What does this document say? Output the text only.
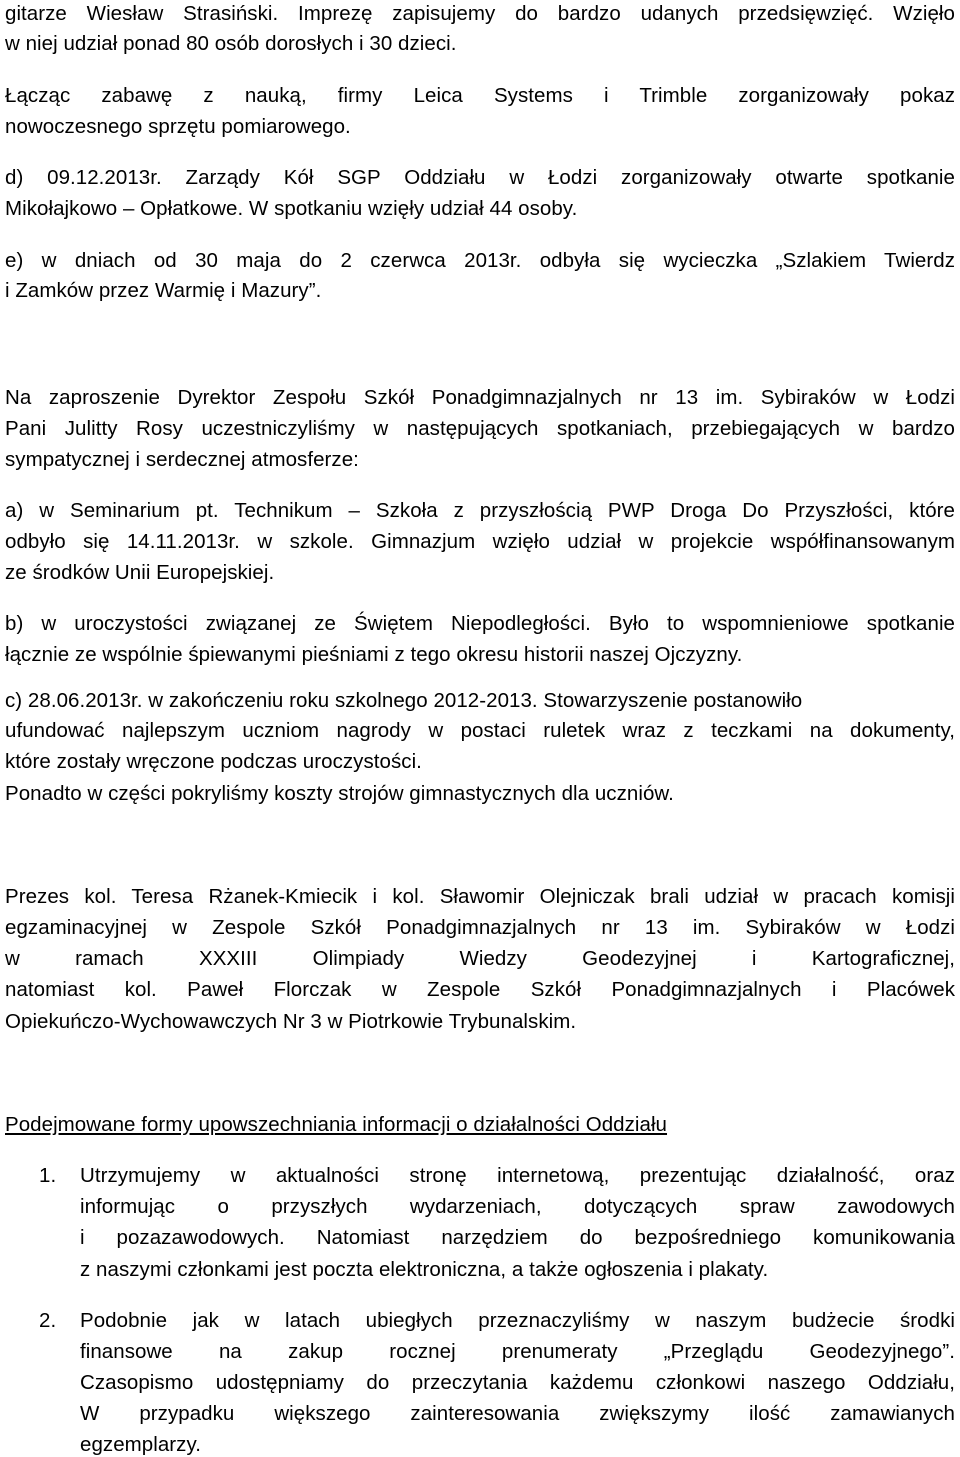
gitarze Wiesław Strasiński. Imprezę zapisujemy do bardzo udanych przedsięwzięć. Wzięło
w niej udział ponad 80 osób dorosłych i 30 dzieci.
Łącząc zabawę z nauką, firmy Leica Systems i Trimble zorganizowały pokaz
nowoczesnego sprzętu pomiarowego.
d) 09.12.2013r. Zarządy Kół SGP Oddziału w Łodzi zorganizowały otwarte spotkanie
Mikołajkowo – Opłatkowe. W spotkaniu wzięły udział 44 osoby.
e) w dniach od 30 maja do 2 czerwca 2013r. odbyła się wycieczka „Szlakiem Twierdz
i Zamków przez Warmię i Mazury”.
Na zaproszenie Dyrektor Zespołu Szkół Ponadgimnazjalnych nr 13 im. Sybiraków w Łodzi
Pani Julitty Rosy uczestniczyliśmy w następujących spotkaniach, przebiegających w bardzo
sympatycznej i serdecznej atmosferze:
a) w Seminarium pt. Technikum – Szkoła z przyszłością PWP Droga Do Przyszłości, które
odbyło się 14.11.2013r. w szkole. Gimnazjum wzięło udział w projekcie współfinansowanym
ze środków Unii Europejskiej.
b) w uroczystości związanej ze Świętem Niepodległości. Było to wspomnieniowe spotkanie
łącznie ze wspólnie śpiewanymi pieśniami z tego okresu historii naszej Ojczyzny.
c) 28.06.2013r. w zakończeniu roku szkolnego 2012-2013. Stowarzyszenie postanowiło
ufundować najlepszym uczniom nagrody w postaci ruletek wraz z teczkami na dokumenty,
które zostały wręczone podczas uroczystości.
Ponadto w części pokryliśmy koszty strojów gimnastycznych dla uczniów.
Prezes kol. Teresa Rżanek-Kmiecik i kol. Sławomir Olejniczak brali udział w pracach komisji
egzaminacyjnej w Zespole Szkół Ponadgimnazjalnych nr 13 im. Sybiraków w Łodzi
w ramach XXXIII Olimpiady Wiedzy Geodezyjnej i Kartograficznej,
natomiast kol. Paweł Florczak w Zespole Szkół Ponadgimnazjalnych i Placówek
Opiekuńczo-Wychowawczych Nr 3 w Piotrkowie Trybunalskim.
Podejmowane formy upowszechniania informacji o działalności Oddziału
1.	Utrzymujemy w aktualności stronę internetową, prezentując działalność, oraz
informując o przyszłych wydarzeniach, dotyczących spraw zawodowych
i pozazawodowych. Natomiast narzędziem do bezpośredniego komunikowania
z naszymi członkami jest poczta elektroniczna, a także ogłoszenia i plakaty.
2.	Podobnie jak w latach ubiegłych przeznaczyliśmy w naszym budżecie środki
finansowe na zakup rocznej prenumeraty „Przeglądu Geodezyjnego”.
Czasopismo udostępniamy do przeczytania każdemu członkowi naszego Oddziału,
W przypadku większego zainteresowania zwiększymy ilość zamawianych
egzemplarzy.
